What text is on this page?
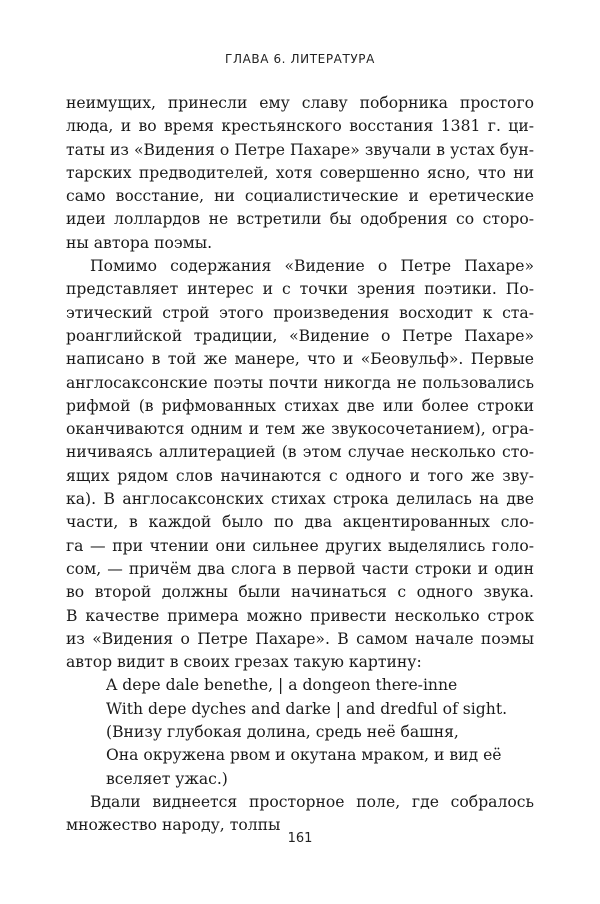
ГЛАВА 6. ЛИТЕРАТУРА

неимущих, принесли ему славу поборника простого
люда, и во время крестьянского восстания 1381 г. ци-
таты из «Видения о Петре Пахаре» звучали в устах бун-
тарских предводителей, хотя совершенно ясно, что ни
само восстание, ни социалистические и еретические
идеи лоллардов не встретили бы одобрения со сторо-
ны автора поэмы.

Помимо содержания «Видение о Петре Пахаре»
представляет интерес и с точки зрения поэтики. По-
этический строй этого произведения восходит к ста-
роанглийской традиции, «Видение о Петре Пахаре»
написано в той же манере, что и «Беовульф». Первые
англосаксонские поэты почти никогда не пользовались
рифмой (в рифмованных стихах две или более строки
оканчиваются одним и тем же звукосочетанием), огра-
ничиваясь аллитерацией (в этом случае несколько сто-
ящих рядом слов начинаются с одного и того же зву-
ка). В англосаксонских стихах строка делилась на две
части, в каждой было по два акцентированных сло-
га — при чтении они сильнее других выделялись голо-
сом, — причём два слога в первой части строки и один
во второй должны были начинаться с одного звука.
В качестве примера можно привести несколько строк
из «Видения о Петре Пахаре». В самом начале поэмы
автор видит в своих грезах такую картину:

A depe dale benethe, | a dongeon there-inne
With depe dyches and darke | and dredful of sight.
(Внизу глубокая долина, средь неё башня,
Она окружена рвом и окутана мраком, и вид её
вселяет ужас.)

Вдали виднеется просторное поле, где собралось
множество народу, толпы

161
